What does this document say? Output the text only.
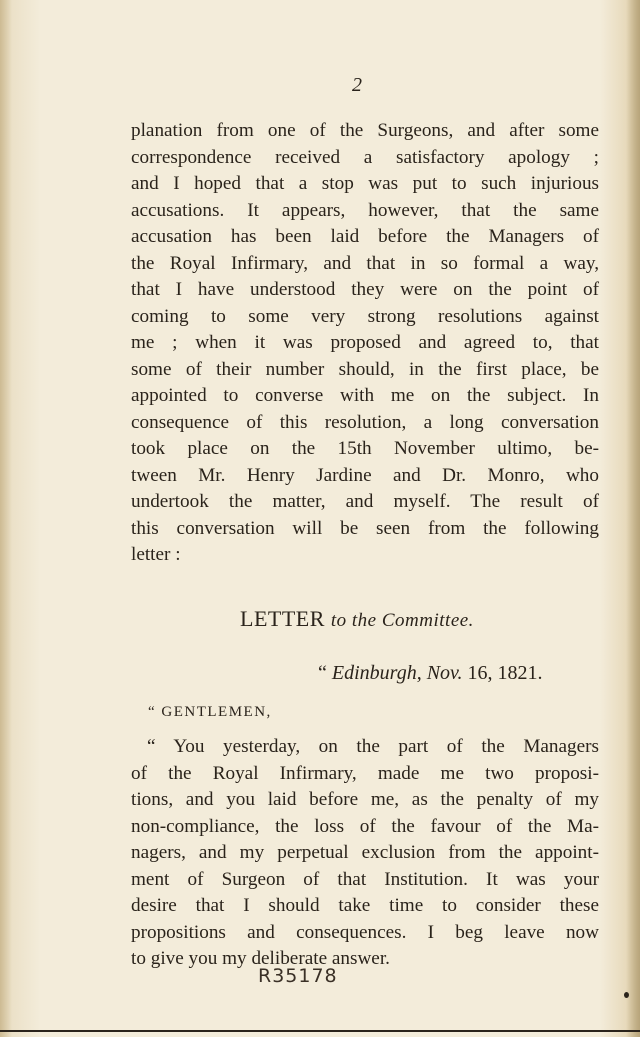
2
planation from one of the Surgeons, and after some
correspondence received a satisfactory apology ;
and I hoped that a stop was put to such injurious
accusations. It appears, however, that the same
accusation has been laid before the Managers of
the Royal Infirmary, and that in so formal a way,
that I have understood they were on the point of
coming to some very strong resolutions against
me ; when it was proposed and agreed to, that
some of their number should, in the first place, be
appointed to converse with me on the subject. In
consequence of this resolution, a long conversation
took place on the 15th November ultimo, be-
tween Mr. Henry Jardine and Dr. Monro, who
undertook the matter, and myself. The result of
this conversation will be seen from the following
letter :
LETTER to the Committee.
“ Edinburgh, Nov. 16, 1821.
“ GENTLEMEN,
“ You yesterday, on the part of the Managers
of the Royal Infirmary, made me two proposi-
tions, and you laid before me, as the penalty of my
non-compliance, the loss of the favour of the Ma-
nagers, and my perpetual exclusion from the appoint-
ment of Surgeon of that Institution. It was your
desire that I should take time to consider these
propositions and consequences. I beg leave now
to give you my deliberate answer.
R35178
